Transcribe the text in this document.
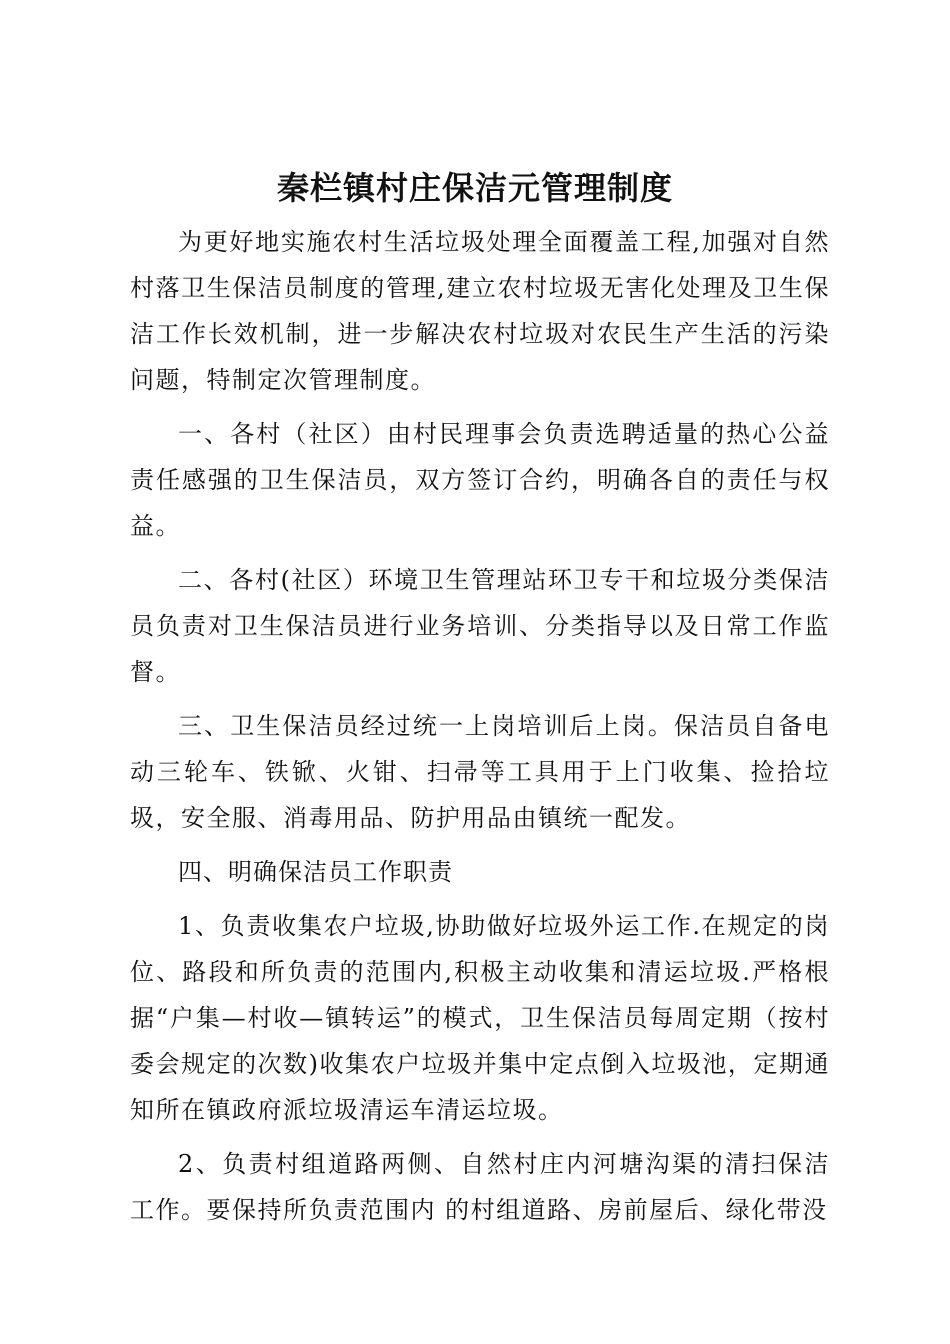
秦栏镇村庄保洁元管理制度

为更好地实施农村生活垃圾处理全面覆盖工程,加强对自然村落卫生保洁员制度的管理,建立农村垃圾无害化处理及卫生保洁工作长效机制，进一步解决农村垃圾对农民生产生活的污染问题，特制定次管理制度。

一、各村（社区）由村民理事会负责选聘适量的热心公益责任感强的卫生保洁员，双方签订合约，明确各自的责任与权益。

二、各村(社区）环境卫生管理站环卫专干和垃圾分类保洁员负责对卫生保洁员进行业务培训、分类指导以及日常工作监督。

三、卫生保洁员经过统一上岗培训后上岗。保洁员自备电动三轮车、铁锨、火钳、扫帚等工具用于上门收集、捡拾垃圾，安全服、消毒用品、防护用品由镇统一配发。

四、明确保洁员工作职责

1、负责收集农户垃圾,协助做好垃圾外运工作.在规定的岗位、路段和所负责的范围内,积极主动收集和清运垃圾.严格根据“户集—村收—镇转运”的模式，卫生保洁员每周定期（按村委会规定的次数)收集农户垃圾并集中定点倒入垃圾池，定期通知所在镇政府派垃圾清运车清运垃圾。

2、负责村组道路两侧、自然村庄内河塘沟渠的清扫保洁工作。要保持所负责范围内 的村组道路、房前屋后、绿化带没
